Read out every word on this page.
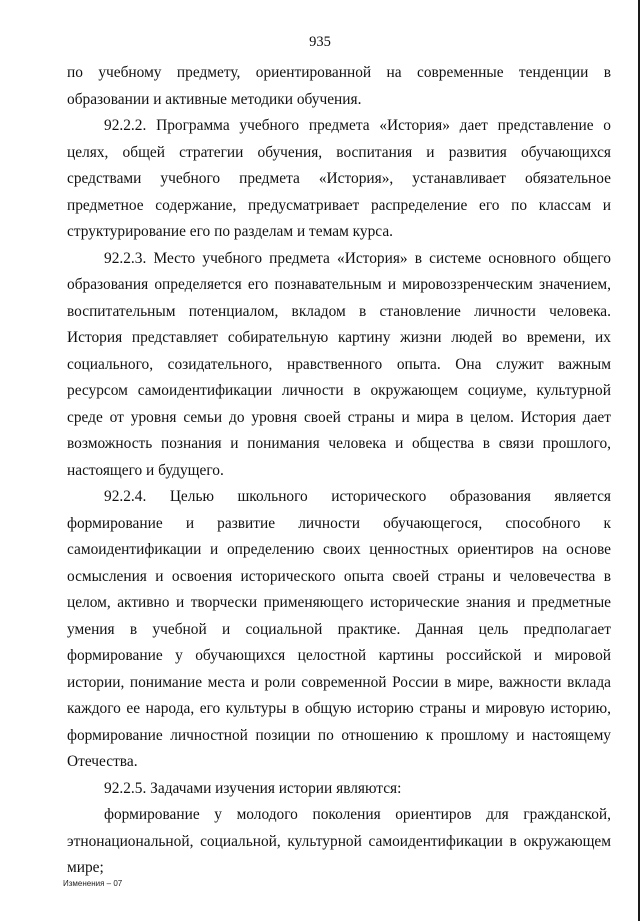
935

по учебному предмету, ориентированной на современные тенденции в образовании и активные методики обучения.

92.2.2. Программа учебного предмета «История» дает представление о целях, общей стратегии обучения, воспитания и развития обучающихся средствами учебного предмета «История», устанавливает обязательное предметное содержание, предусматривает распределение его по классам и структурирование его по разделам и темам курса.

92.2.3. Место учебного предмета «История» в системе основного общего образования определяется его познавательным и мировоззренческим значением, воспитательным потенциалом, вкладом в становление личности человека. История представляет собирательную картину жизни людей во времени, их социального, созидательного, нравственного опыта. Она служит важным ресурсом самоидентификации личности в окружающем социуме, культурной среде от уровня семьи до уровня своей страны и мира в целом. История дает возможность познания и понимания человека и общества в связи прошлого, настоящего и будущего.

92.2.4. Целью школьного исторического образования является формирование и развитие личности обучающегося, способного к самоидентификации и определению своих ценностных ориентиров на основе осмысления и освоения исторического опыта своей страны и человечества в целом, активно и творчески применяющего исторические знания и предметные умения в учебной и социальной практике. Данная цель предполагает формирование у обучающихся целостной картины российской и мировой истории, понимание места и роли современной России в мире, важности вклада каждого ее народа, его культуры в общую историю страны и мировую историю, формирование личностной позиции по отношению к прошлому и настоящему Отечества.

92.2.5. Задачами изучения истории являются:

формирование у молодого поколения ориентиров для гражданской, этнонациональной, социальной, культурной самоидентификации в окружающем мире;

Изменения – 07
